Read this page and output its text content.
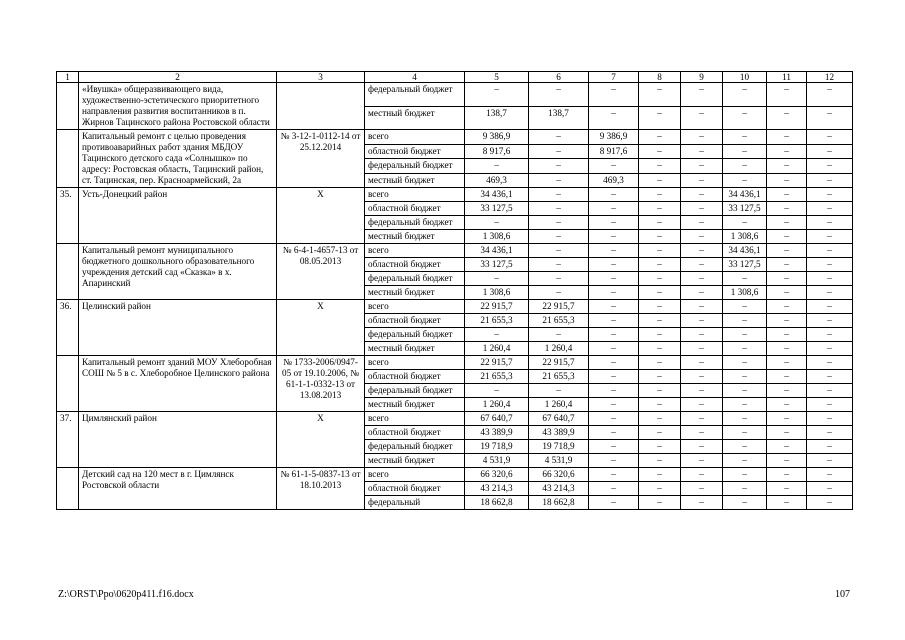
1	2	3	4	5	6	7	8	9	10	11	12
	«Ивушка» общеразвивающего вида, художественно-эстетического приоритетного направления развития воспитанников в п. Жирнов Тацинского района Ростовской области		федеральный бюджет	–	–	–	–	–	–	–	–
			местный бюджет	138,7	138,7	–	–	–	–	–	–
	Капитальный ремонт с целью проведения противоаварийных работ здания МБДОУ Тацинского детского сада «Солнышко» по адресу: Ростовская область, Тацинский район, ст. Тацинская, пер. Красноармейский, 2а	№ 3-12-1-0112-14 от 25.12.2014	всего	9 386,9	–	9 386,9	–	–	–	–	–
			областной бюджет	8 917,6	–	8 917,6	–	–	–	–	–
			федеральный бюджет	–	–	–	–	–	–	–	–
			местный бюджет	469,3	–	469,3	–	–	–	–	–
35.	Усть-Донецкий район	Х	всего	34 436,1	–	–	–	–	34 436,1	–	–
			областной бюджет	33 127,5	–	–	–	–	33 127,5	–	–
			федеральный бюджет	–	–	–	–	–	–	–	–
			местный бюджет	1 308,6	–	–	–	–	1 308,6	–	–
	Капитальный ремонт муниципального бюджетного дошкольного образовательного учреждения детский сад «Сказка» в х. Апаринский	№ 6-4-1-4657-13 от 08.05.2013	всего	34 436,1	–	–	–	–	34 436,1	–	–
			областной бюджет	33 127,5	–	–	–	–	33 127,5	–	–
			федеральный бюджет	–	–	–	–	–	–	–	–
			местный бюджет	1 308,6	–	–	–	–	1 308,6	–	–
36.	Целинский район	Х	всего	22 915,7	22 915,7	–	–	–	–	–	–
			областной бюджет	21 655,3	21 655,3	–	–	–	–	–	–
			федеральный бюджет	–	–	–	–	–	–	–	–
			местный бюджет	1 260,4	1 260,4	–	–	–	–	–	–
	Капитальный ремонт зданий МОУ Хлеборобная СОШ № 5 в с. Хлеборобное Целинского района	№ 1733-2006/0947-05 от 19.10.2006, № 61-1-1-0332-13 от 13.08.2013	всего	22 915,7	22 915,7	–	–	–	–	–	–
			областной бюджет	21 655,3	21 655,3	–	–	–	–	–	–
			федеральный бюджет	–	–	–	–	–	–	–	–
			местный бюджет	1 260,4	1 260,4	–	–	–	–	–	–
37.	Цимлянский район	Х	всего	67 640,7	67 640,7	–	–	–	–	–	–
			областной бюджет	43 389,9	43 389,9	–	–	–	–	–	–
			федеральный бюджет	19 718,9	19 718,9	–	–	–	–	–	–
			местный бюджет	4 531,9	4 531,9	–	–	–	–	–	–
	Детский сад на 120 мест в г. Цимлянск Ростовской области	№ 61-1-5-0837-13 от 18.10.2013	всего	66 320,6	66 320,6	–	–	–	–	–	–
			областной бюджет	43 214,3	43 214,3	–	–	–	–	–	–
			федеральный	18 662,8	18 662,8	–	–	–	–	–	–
Z:\ORST\Ppo\0620p411.f16.docx	107
